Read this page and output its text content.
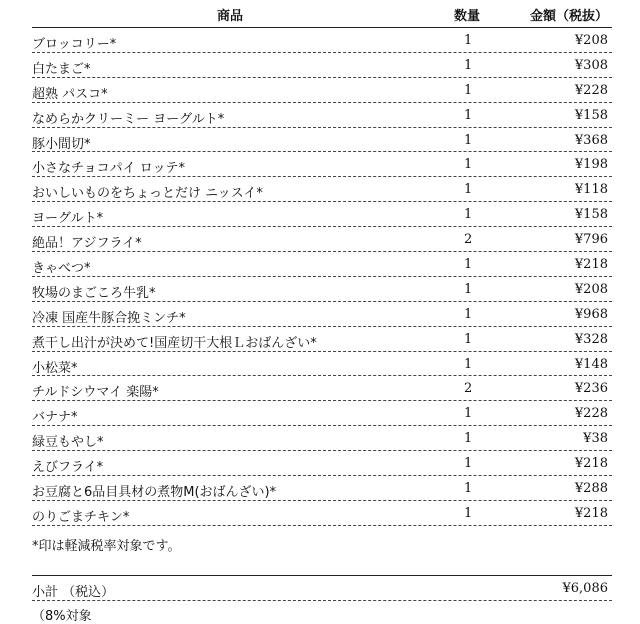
商品	数量	金額（税抜）
ブロッコリー*	1	¥208
白たまご*	1	¥308
超熟 パスコ*	1	¥228
なめらかクリーミー ヨーグルト*	1	¥158
豚小間切*	1	¥368
小さなチョコパイ ロッテ*	1	¥198
おいしいものをちょっとだけ ニッスイ*	1	¥118
ヨーグルト*	1	¥158
絶品！アジフライ*	2	¥796
きゃべつ*	1	¥218
牧場のまごころ牛乳*	1	¥208
冷凍 国産牛豚合挽ミンチ*	1	¥968
煮干し出汁が決めて!国産切干大根Ｌおばんざい*	1	¥328
小松菜*	1	¥148
チルドシウマイ 楽陽*	2	¥236
バナナ*	1	¥228
緑豆もやし*	1	¥38
えびフライ*	1	¥218
お豆腐と6品目具材の煮物M(おばんざい)*	1	¥288
のりごまチキン*	1	¥218
*印は軽減税率対象です。
小計 （税込）	¥6,086
（8%対象
